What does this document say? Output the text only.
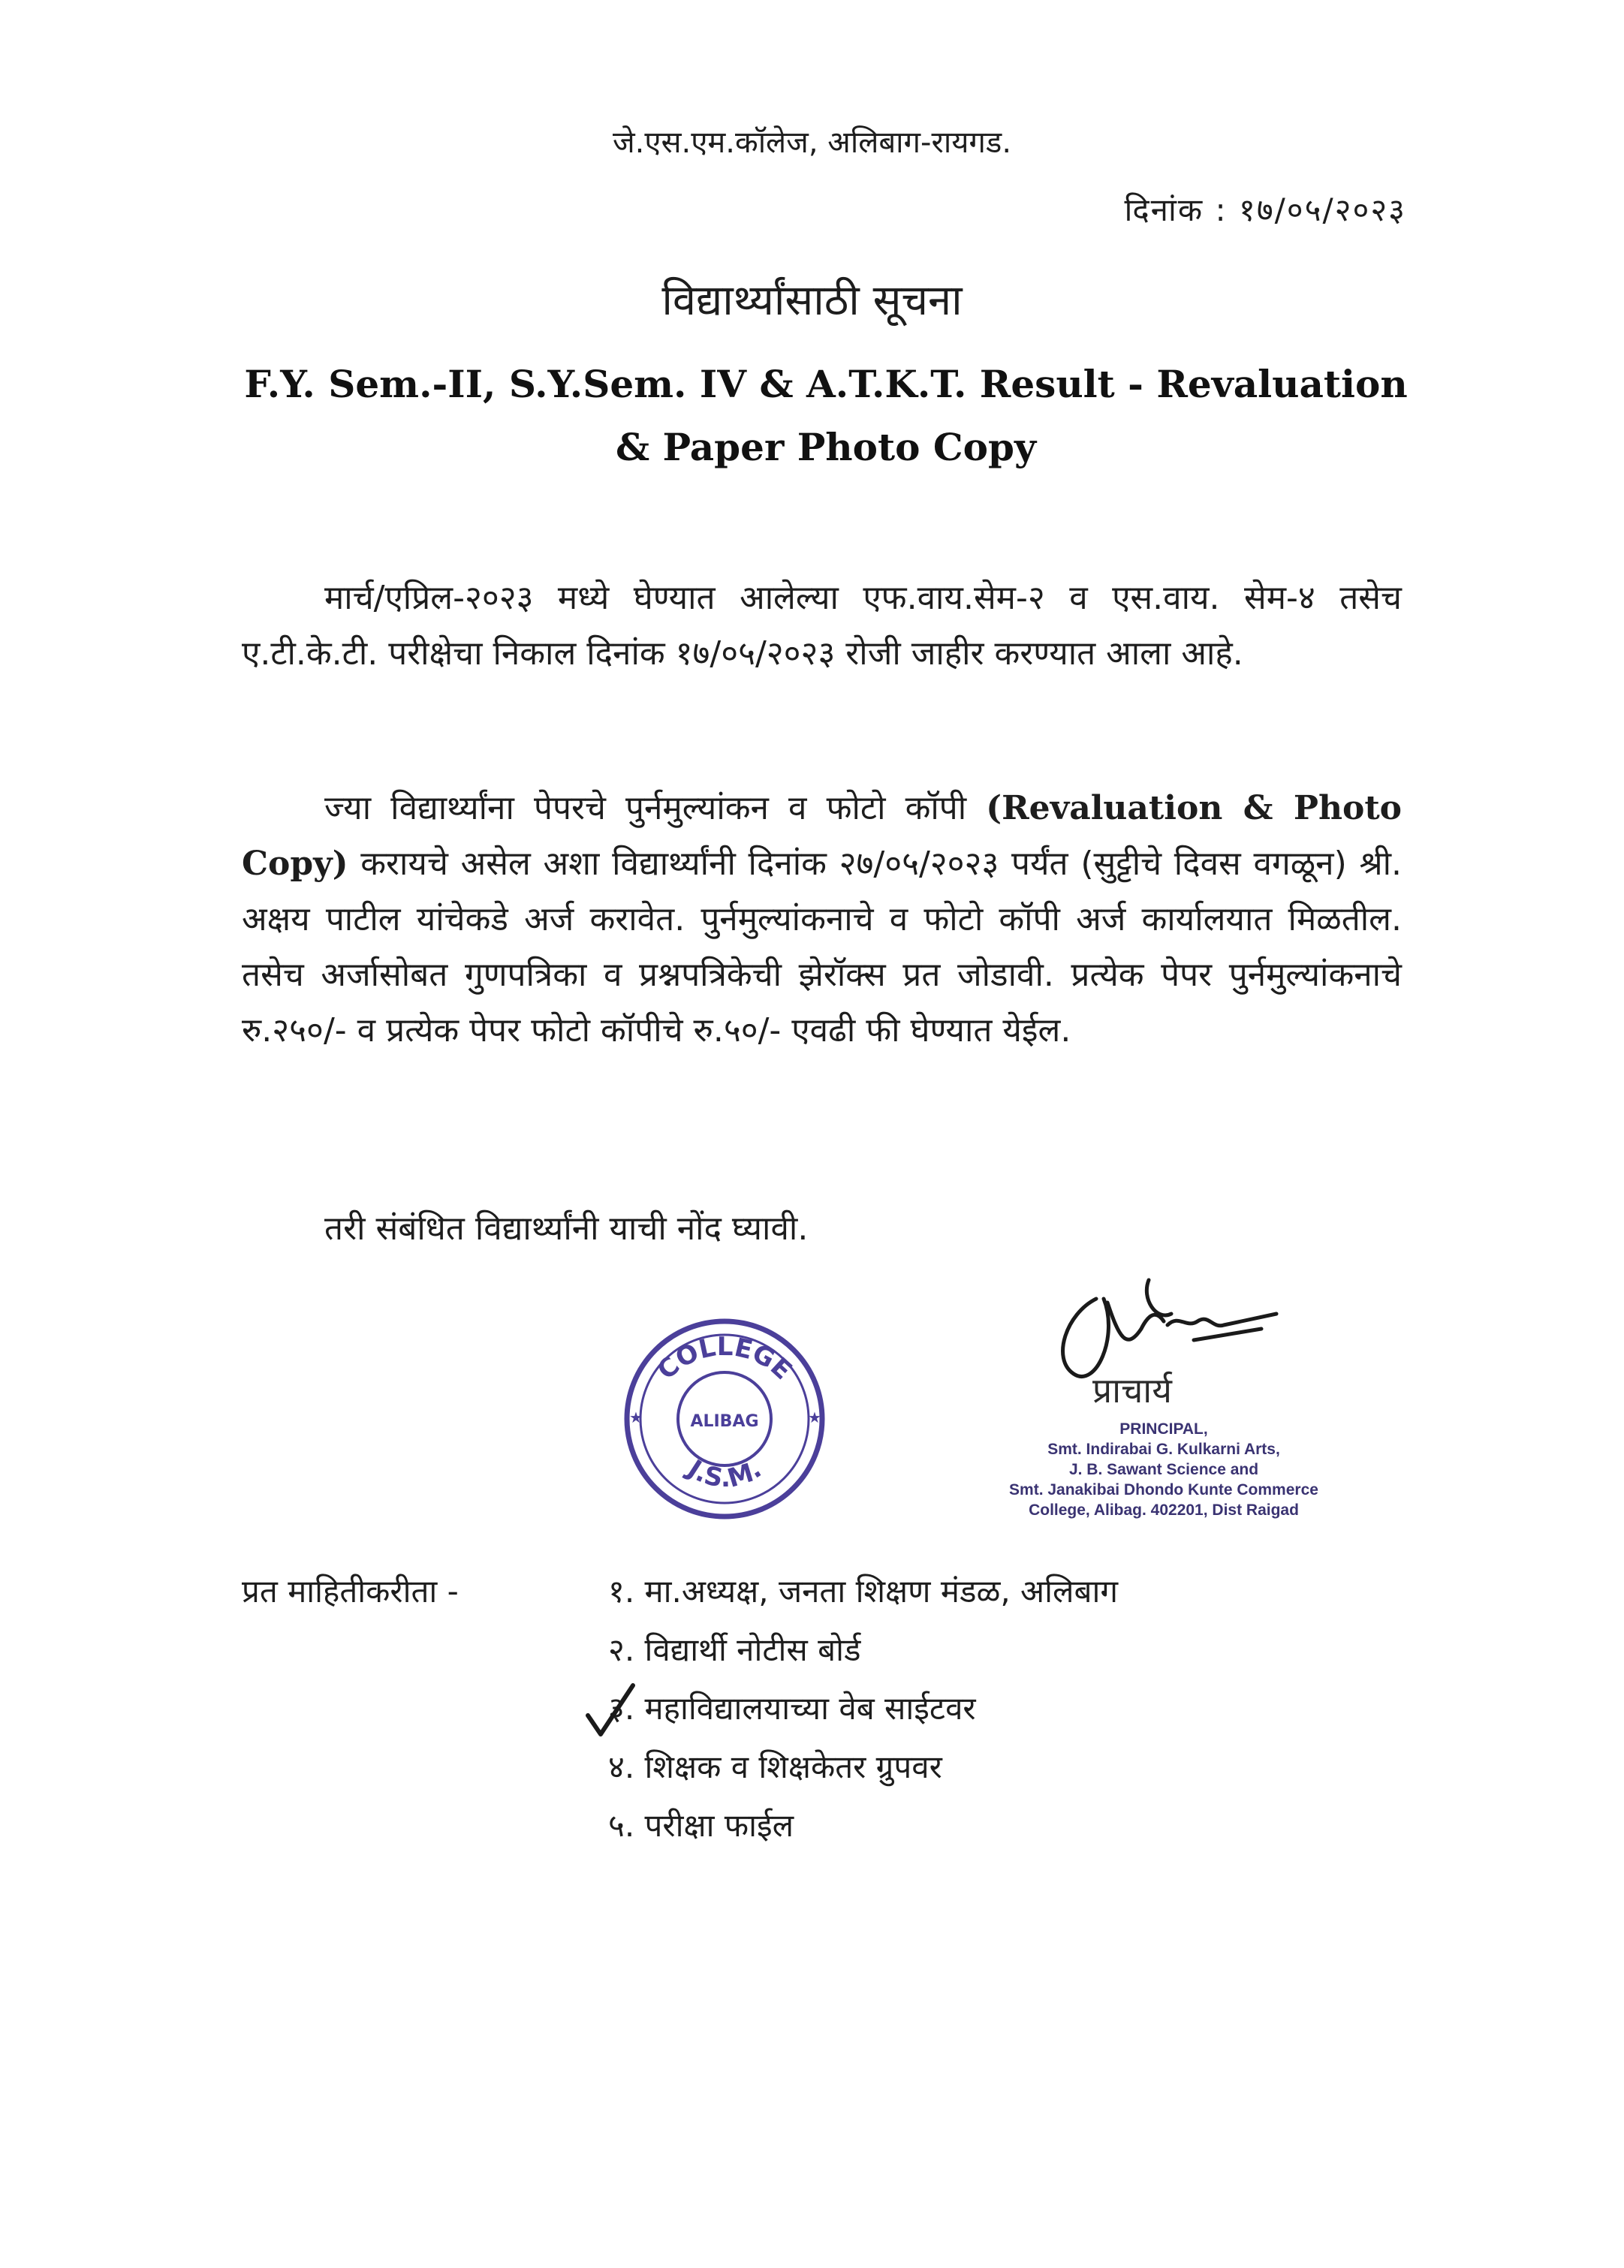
जे.एस.एम.कॉलेज, अलिबाग-रायगड.
दिनांक : १७/०५/२०२३
विद्यार्थ्यांसाठी सूचना
F.Y. Sem.-II, S.Y.Sem. IV & A.T.K.T. Result - Revaluation
& Paper Photo Copy
मार्च/एप्रिल-२०२३ मध्ये घेण्यात आलेल्या एफ.वाय.सेम-२ व एस.वाय. सेम-४ तसेच ए.टी.के.टी. परीक्षेचा निकाल दिनांक १७/०५/२०२३ रोजी जाहीर करण्यात आला आहे.
ज्या विद्यार्थ्यांना पेपरचे पुर्नमुल्यांकन व फोटो कॉपी (Revaluation & Photo Copy) करायचे असेल अशा विद्यार्थ्यांनी दिनांक २७/०५/२०२३ पर्यंत (सुट्टीचे दिवस वगळून) श्री. अक्षय पाटील यांचेकडे अर्ज करावेत. पुर्नमुल्यांकनाचे व फोटो कॉपी अर्ज कार्यालयात मिळतील. तसेच अर्जासोबत गुणपत्रिका व प्रश्नपत्रिकेची झेरॉक्स प्रत जोडावी. प्रत्येक पेपर पुर्नमुल्यांकनाचे रु.२५०/- व प्रत्येक पेपर फोटो कॉपीचे रु.५०/- एवढी फी घेण्यात येईल.
तरी संबंधित विद्यार्थ्यांनी याची नोंद घ्यावी.
COLLEGE
J.S.M.
ALIBAG
★	★
प्राचार्य
PRINCIPAL,
Smt. Indirabai G. Kulkarni Arts,
J. B. Sawant Science and
Smt. Janakibai Dhondo Kunte Commerce
College, Alibag. 402201, Dist Raigad
प्रत माहितीकरीता -	१. मा.अध्यक्ष, जनता शिक्षण मंडळ, अलिबाग
२. विद्यार्थी नोटीस बोर्ड
३. महाविद्यालयाच्या वेब साईटवर
४. शिक्षक व शिक्षकेतर ग्रुपवर
५. परीक्षा फाईल
